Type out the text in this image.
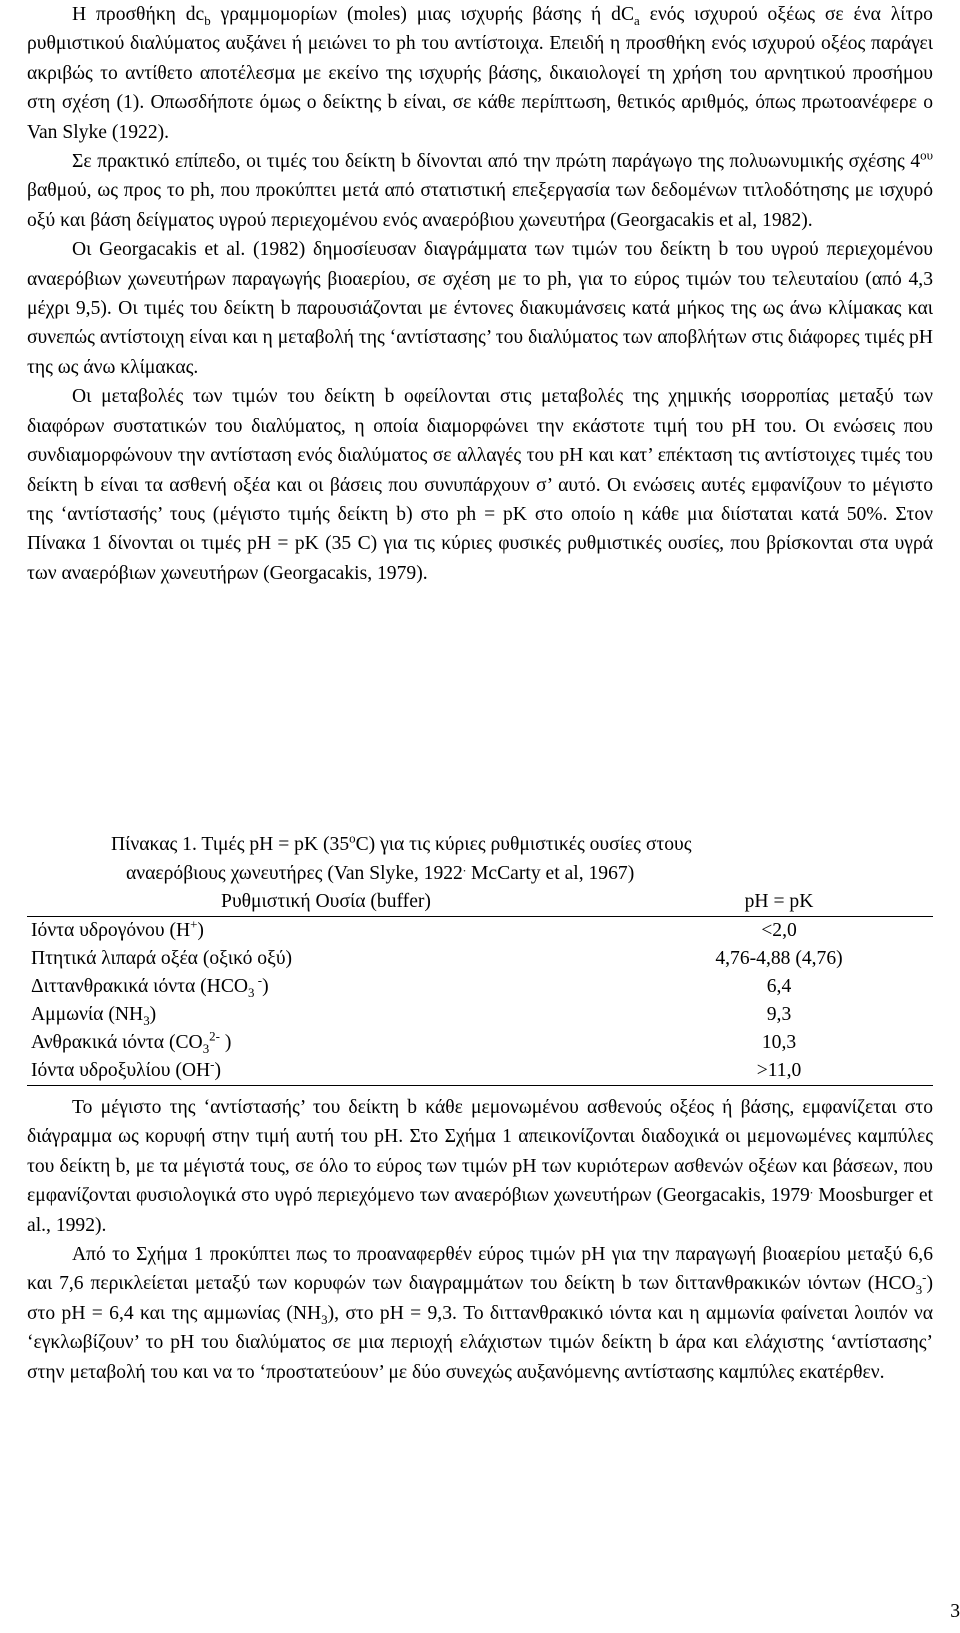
Η προσθήκη $dc_b$ γραμμομορίων (moles) μιας ισχυρής βάσης ή $dC_a$ ενός ισχυρού οξέως σε ένα λίτρο ρυθμιστικού διαλύματος αυξάνει ή μειώνει το ph του αντίστοιχα. Επειδή η προσθήκη ενός ισχυρού οξέος παράγει ακριβώς το αντίθετο αποτέλεσμα με εκείνο της ισχυρής βάσης, δικαιολογεί τη χρήση του αρνητικού προσήμου στη σχέση (1). Οπωσδήποτε όμως ο δείκτης b είναι, σε κάθε περίπτωση, θετικός αριθμός, όπως πρωτοανέφερε ο Van Slyke (1922).

Σε πρακτικό επίπεδο, οι τιμές του δείκτη b δίνονται από την πρώτη παράγωγο της πολυωνυμικής σχέσης $4^{o\upsilon}$ βαθμού, ως προς το ph, που προκύπτει μετά από στατιστική επεξεργασία των δεδομένων τιτλοδότησης με ισχυρό οξύ και βάση δείγματος υγρού περιεχομένου ενός αναερόβιου χωνευτήρα (Georgacakis et al, 1982).

Οι Georgacakis et al. (1982) δημοσίευσαν διαγράμματα των τιμών του δείκτη b του υγρού περιεχομένου αναερόβιων χωνευτήρων παραγωγής βιοαερίου, σε σχέση με το ph, για το εύρος τιμών του τελευταίου (από 4,3 μέχρι 9,5). Οι τιμές του δείκτη b παρουσιάζονται με έντονες διακυμάνσεις κατά μήκος της ως άνω κλίμακας και συνεπώς αντίστοιχη είναι και η μεταβολή της ‘αντίστασης’ του διαλύματος των αποβλήτων στις διάφορες τιμές pH της ως άνω κλίμακας.

Οι μεταβολές των τιμών του δείκτη b οφείλονται στις μεταβολές της χημικής ισορροπίας μεταξύ των διαφόρων συστατικών του διαλύματος, η οποία διαμορφώνει την εκάστοτε τιμή του pH του. Οι ενώσεις που συνδιαμορφώνουν την αντίσταση ενός διαλύματος σε αλλαγές του pH και κατ’ επέκταση τις αντίστοιχες τιμές του δείκτη b είναι τα ασθενή οξέα και οι βάσεις που συνυπάρχουν σ’ αυτό. Οι ενώσεις αυτές εμφανίζουν το μέγιστο της ‘αντίστασής’ τους (μέγιστο τιμής δείκτη b) στο ph = pK στο οποίο η κάθε μια διίσταται κατά 50%. Στον Πίνακα 1 δίνονται οι τιμές pH = pK (35 C) για τις κύριες φυσικές ρυθμιστικές ουσίες, που βρίσκονται στα υγρά των αναερόβιων χωνευτήρων (Georgacakis, 1979).

Πίνακας 1. Τιμές pH = pK (35$^o$C) για τις κύριες ρυθμιστικές ουσίες στους

αναερόβιους χωνευτήρες (Van Slyke, 1922. McCarty et al, 1967)

Ρυθμιστική Ουσία (buffer)	pH = pK
Ιόντα υδρογόνου (H+)	<2,0
Πτητικά λιπαρά οξέα (οξικό οξύ)	4,76-4,88 (4,76)
Διττανθρακικά ιόντα ($HCO_3$ -)	6,4
Αμμωνία $(NH_3)$	9,3
Ανθρακικά ιόντα ($CO_3^{2-}$ )	10,3
Ιόντα υδροξυλίου (OH-)	>11,0

Το μέγιστο της ‘αντίστασής’ του δείκτη b κάθε μεμονωμένου ασθενούς οξέος ή βάσης, εμφανίζεται στο διάγραμμα ως κορυφή στην τιμή αυτή του pH. Στο Σχήμα 1 απεικονίζονται διαδοχικά οι μεμονωμένες καμπύλες του δείκτη b, με τα μέγιστά τους, σε όλο το εύρος των τιμών pH των κυριότερων ασθενών οξέων και βάσεων, που εμφανίζονται φυσιολογικά στο υγρό περιεχόμενο των αναερόβιων χωνευτήρων (Georgacakis, 1979. Moosburger et al., 1992).

Από το Σχήμα 1 προκύπτει πως το προαναφερθέν εύρος τιμών pH για την παραγωγή βιοαερίου μεταξύ 6,6 και 7,6 περικλείεται μεταξύ των κορυφών των διαγραμμάτων του δείκτη b των διττανθρακικών ιόντων $(HCO_3^-)$ στο pH = 6,4 και της αμμωνίας $(NH_3)$, στο pH = 9,3. Το διττανθρακικό ιόντα και η αμμωνία φαίνεται λοιπόν να ‘εγκλωβίζουν’ το pH του διαλύματος σε μια περιοχή ελάχιστων τιμών δείκτη b άρα και ελάχιστης ‘αντίστασης’ στην μεταβολή του και να το ‘προστατεύουν’ με δύο συνεχώς αυξανόμενης αντίστασης καμπύλες εκατέρθεν.

3
